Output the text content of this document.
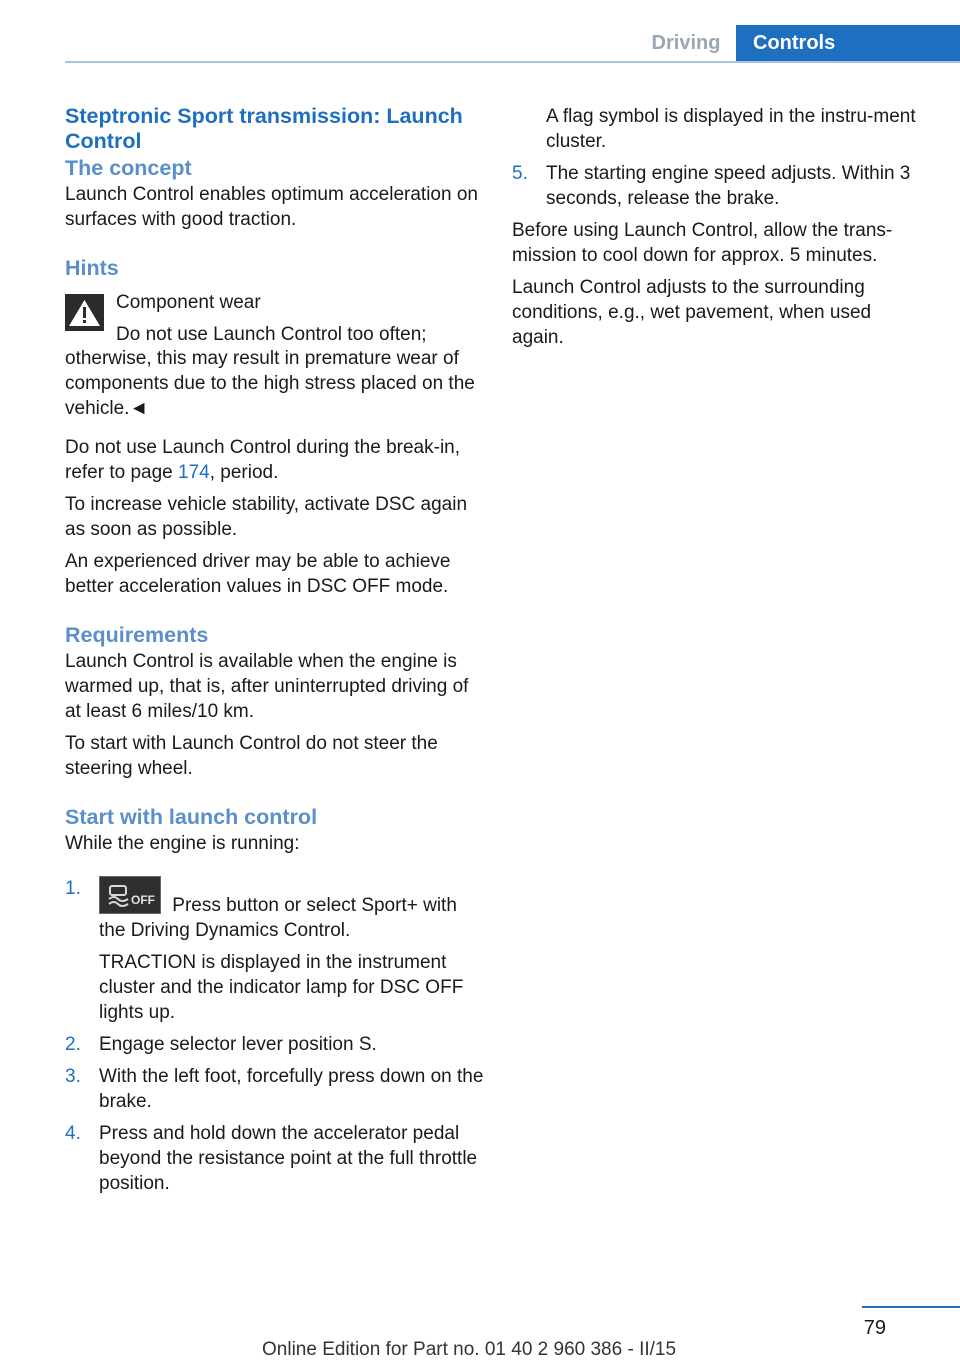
Driving	Controls
Steptronic Sport transmission: Launch Control
The concept

Launch Control enables optimum acceleration on surfaces with good traction.

Hints

Component wear

Do not use Launch Control too often;

otherwise, this may result in premature wear of components due to the high stress placed on the vehicle.◄

Do not use Launch Control during the break-in, refer to page 174, period.

To increase vehicle stability, activate DSC again as soon as possible.

An experienced driver may be able to achieve better acceleration values in DSC OFF mode.

Requirements

Launch Control is available when the engine is warmed up, that is, after uninterrupted driving of at least 6 miles/10 km.

To start with Launch Control do not steer the steering wheel.

Start with launch control

While the engine is running:

1.
OFF Press button or select Sport+ with the Driving Dynamics Control.

TRACTION is displayed in the instrument cluster and the indicator lamp for DSC OFF lights up.

2. Engage selector lever position S.
3. With the left foot, forcefully press down on the brake.
4. Press and hold down the accelerator pedal beyond the resistance point at the full throttle position.

A flag symbol is displayed in the instru‐ment cluster.

5. The starting engine speed adjusts. Within 3 seconds, release the brake.

Before using Launch Control, allow the trans‐mission to cool down for approx. 5 minutes.

Launch Control adjusts to the surrounding conditions, e.g., wet pavement, when used again.

79
Online Edition for Part no. 01 40 2 960 386 - II/15
